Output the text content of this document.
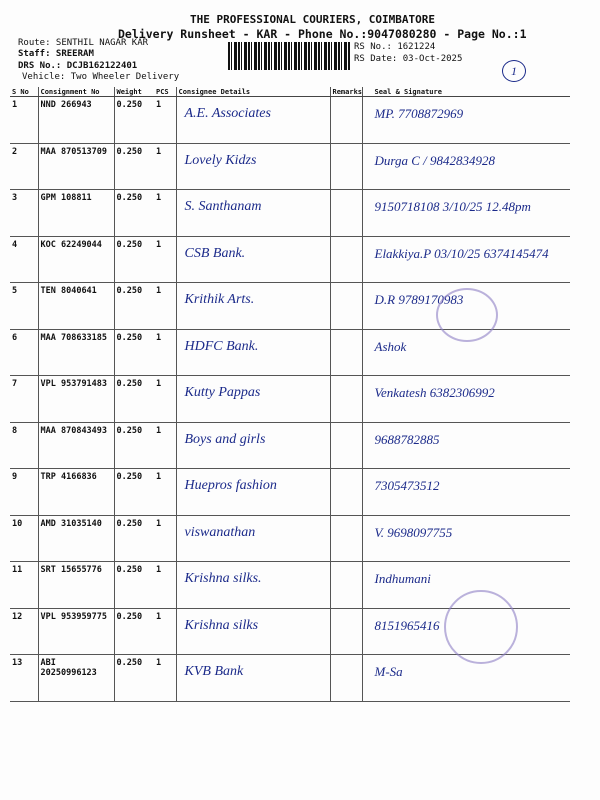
THE PROFESSIONAL COURIERS, COIMBATORE
Delivery Runsheet - KAR - Phone No.:9047080280 - Page No.:1
Route: SENTHIL NAGAR KAR
Staff: SREERAM
DRS No.: DCJB162122401
Vehicle: Two Wheeler Delivery
RS No.: 1621224
RS Date: 03-Oct-2025
1
S No	Consignment No	Weight	PCS	Consignee Details	Remarks	Seal & Signature
1	NND 266943	0.250	1	A.E. Associates		MP. 7708872969

2	MAA 870513709	0.250	1	Lovely Kidzs		Durga C / 9842834928

3	GPM 108811	0.250	1	S. Santhanam		9150718108 3/10/25 12.48pm

4	KOC 62249044	0.250	1	CSB Bank.		Elakkiya.P 03/10/25 6374145474

5	TEN 8040641	0.250	1	Krithik Arts.		D.R 9789170983

6	MAA 708633185	0.250	1	HDFC Bank.		Ashok

7	VPL 953791483	0.250	1	Kutty Pappas		Venkatesh 6382306992

8	MAA 870843493	0.250	1	Boys and girls		9688782885

9	TRP 4166836	0.250	1	Huepros fashion		7305473512

10	AMD 31035140	0.250	1	viswanathan		V. 9698097755

11	SRT 15655776	0.250	1	Krishna silks.		Indhumani

12	VPL 953959775	0.250	1	Krishna silks		8151965416

13	ABI 20250996123	0.250	1	KVB Bank		M-Sa
